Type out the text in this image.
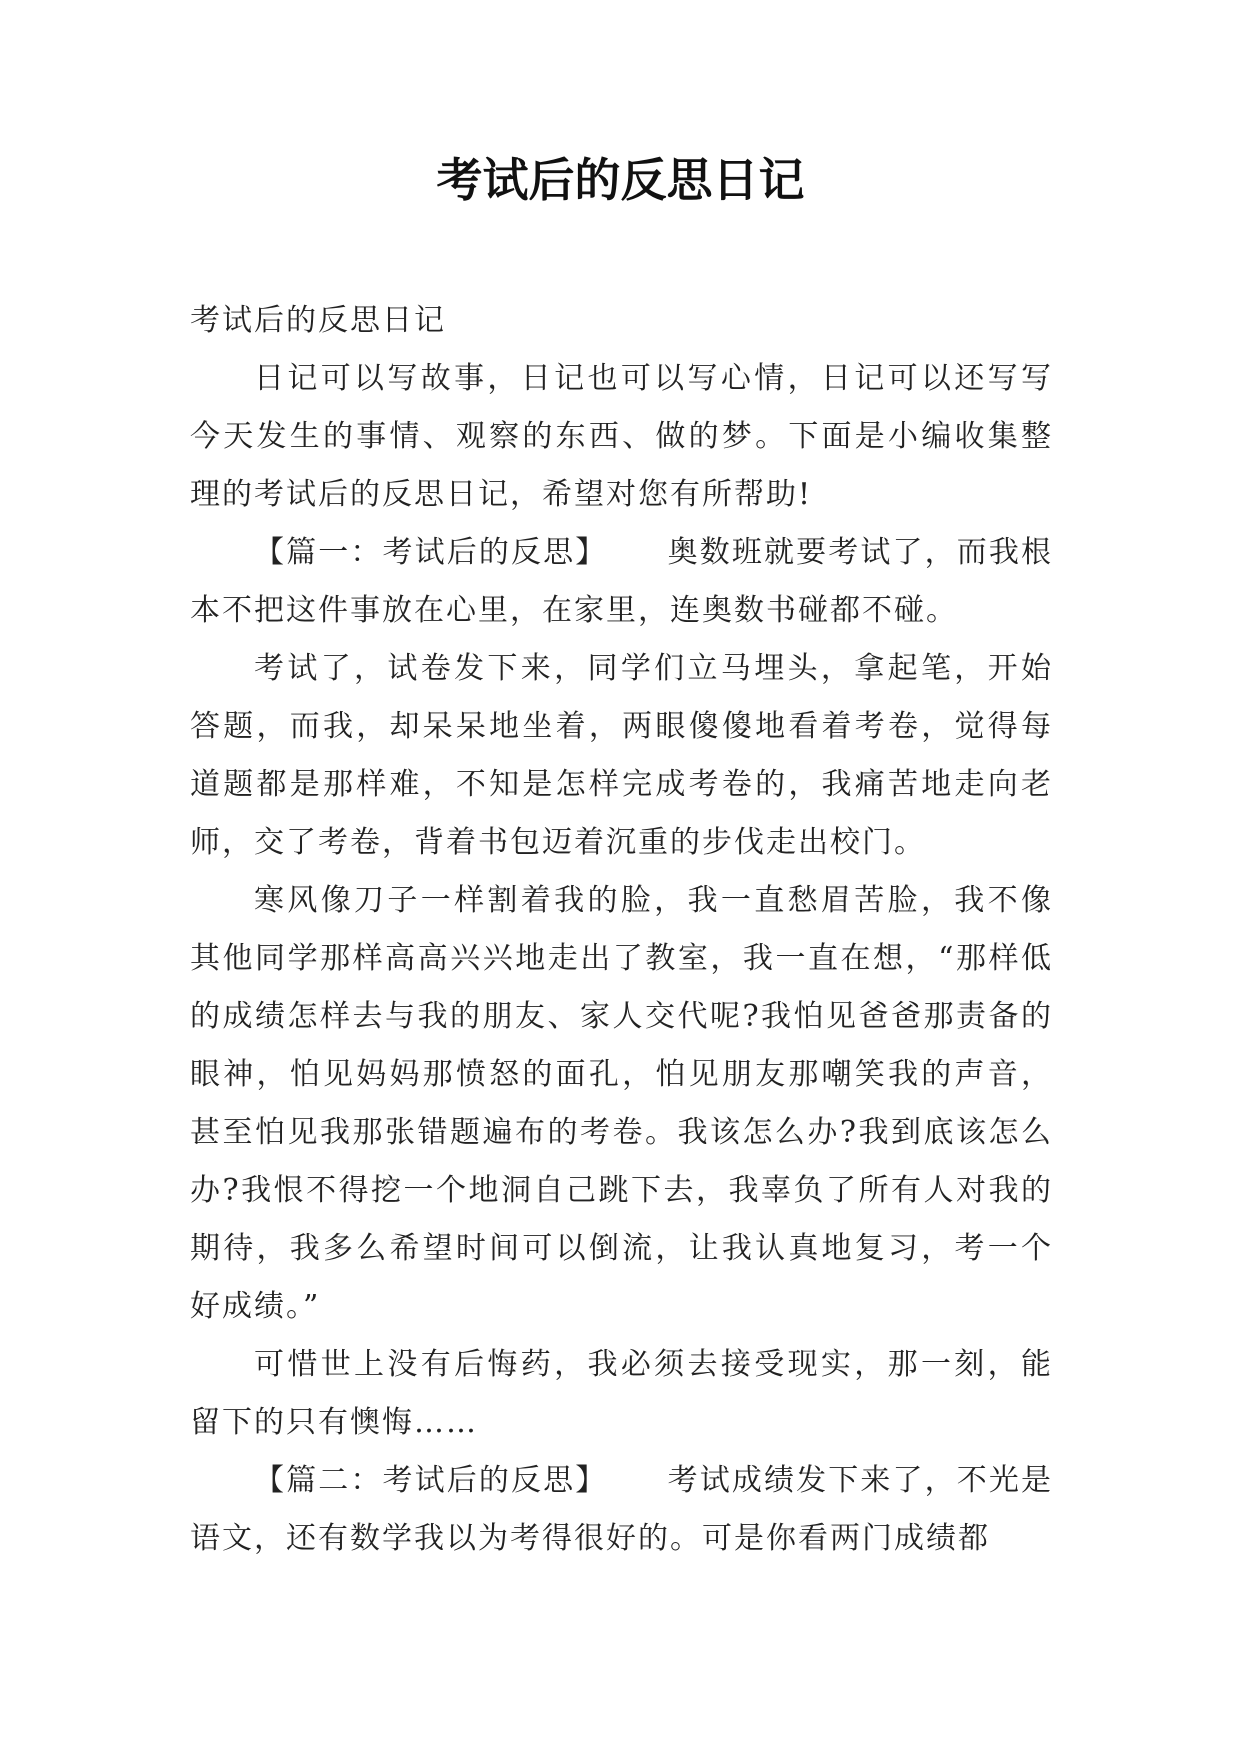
考试后的反思日记

考试后的反思日记

日记可以写故事，日记也可以写心情，日记可以还写写今天发生的事情、观察的东西、做的梦。下面是小编收集整理的考试后的反思日记，希望对您有所帮助!

【篇一：考试后的反思】 奥数班就要考试了，而我根本不把这件事放在心里，在家里，连奥数书碰都不碰。

考试了，试卷发下来，同学们立马埋头，拿起笔，开始答题，而我，却呆呆地坐着，两眼傻傻地看着考卷，觉得每道题都是那样难，不知是怎样完成考卷的，我痛苦地走向老师，交了考卷，背着书包迈着沉重的步伐走出校门。

寒风像刀子一样割着我的脸，我一直愁眉苦脸，我不像其他同学那样高高兴兴地走出了教室，我一直在想，“那样低的成绩怎样去与我的朋友、家人交代呢?我怕见爸爸那责备的眼神，怕见妈妈那愤怒的面孔，怕见朋友那嘲笑我的声音，甚至怕见我那张错题遍布的考卷。我该怎么办?我到底该怎么办?我恨不得挖一个地洞自己跳下去，我辜负了所有人对我的期待，我多么希望时间可以倒流，让我认真地复习，考一个好成绩。”

可惜世上没有后悔药，我必须去接受现实，那一刻，能留下的只有懊悔……

【篇二：考试后的反思】 考试成绩发下来了，不光是语文，还有数学我以为考得很好的。可是你看两门成绩都
